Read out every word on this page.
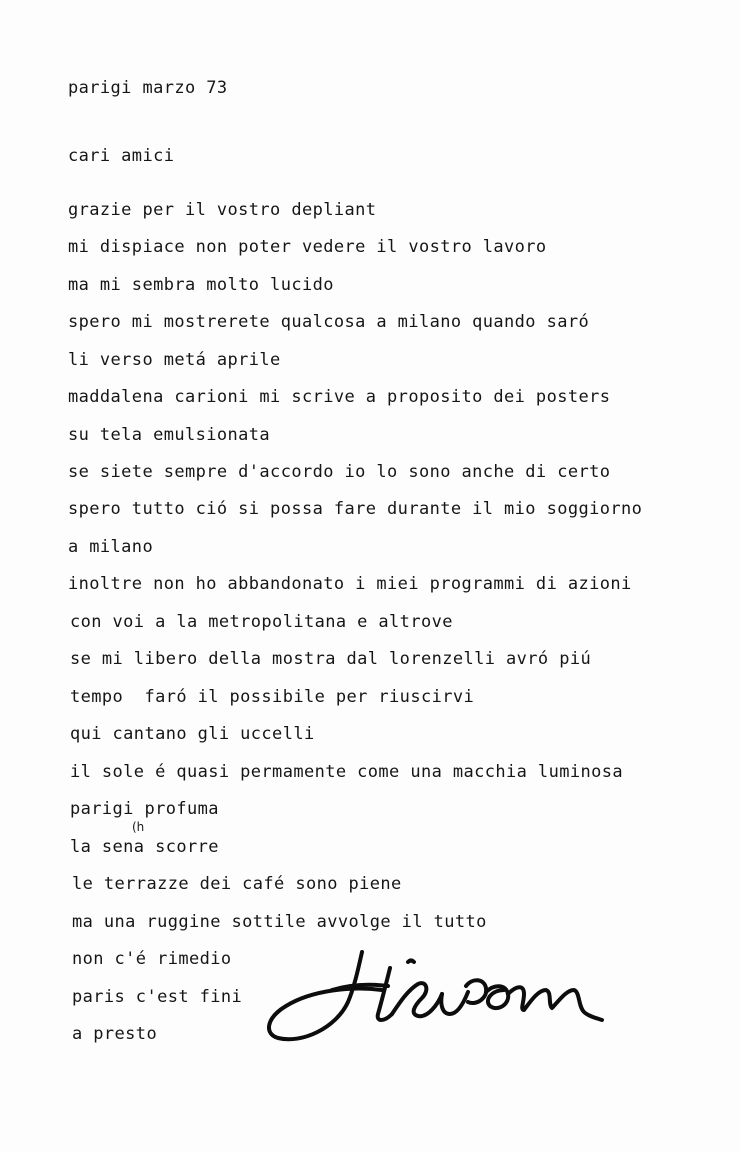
parigi marzo 73
cari amici
grazie per il vostro depliant
mi dispiace non poter vedere il vostro lavoro
ma mi sembra molto lucido
spero mi mostrerete qualcosa a milano quando saró
li verso metá aprile
maddalena carioni mi scrive a proposito dei posters
su tela emulsionata
se siete sempre d'accordo io lo sono anche di certo
spero tutto ció si possa fare durante il mio soggiorno
a milano
inoltre non ho abbandonato i miei programmi di azioni
con voi a la metropolitana e altrove
se mi libero della mostra dal lorenzelli avró piú
tempo  faró il possibile per riuscirvi
qui cantano gli uccelli
il sole é quasi permamente come una macchia luminosa
parigi profuma
(h
la sena scorre
le terrazze dei café sono piene
ma una ruggine sottile avvolge il tutto
non c'é rimedio
paris c'est fini
a presto
